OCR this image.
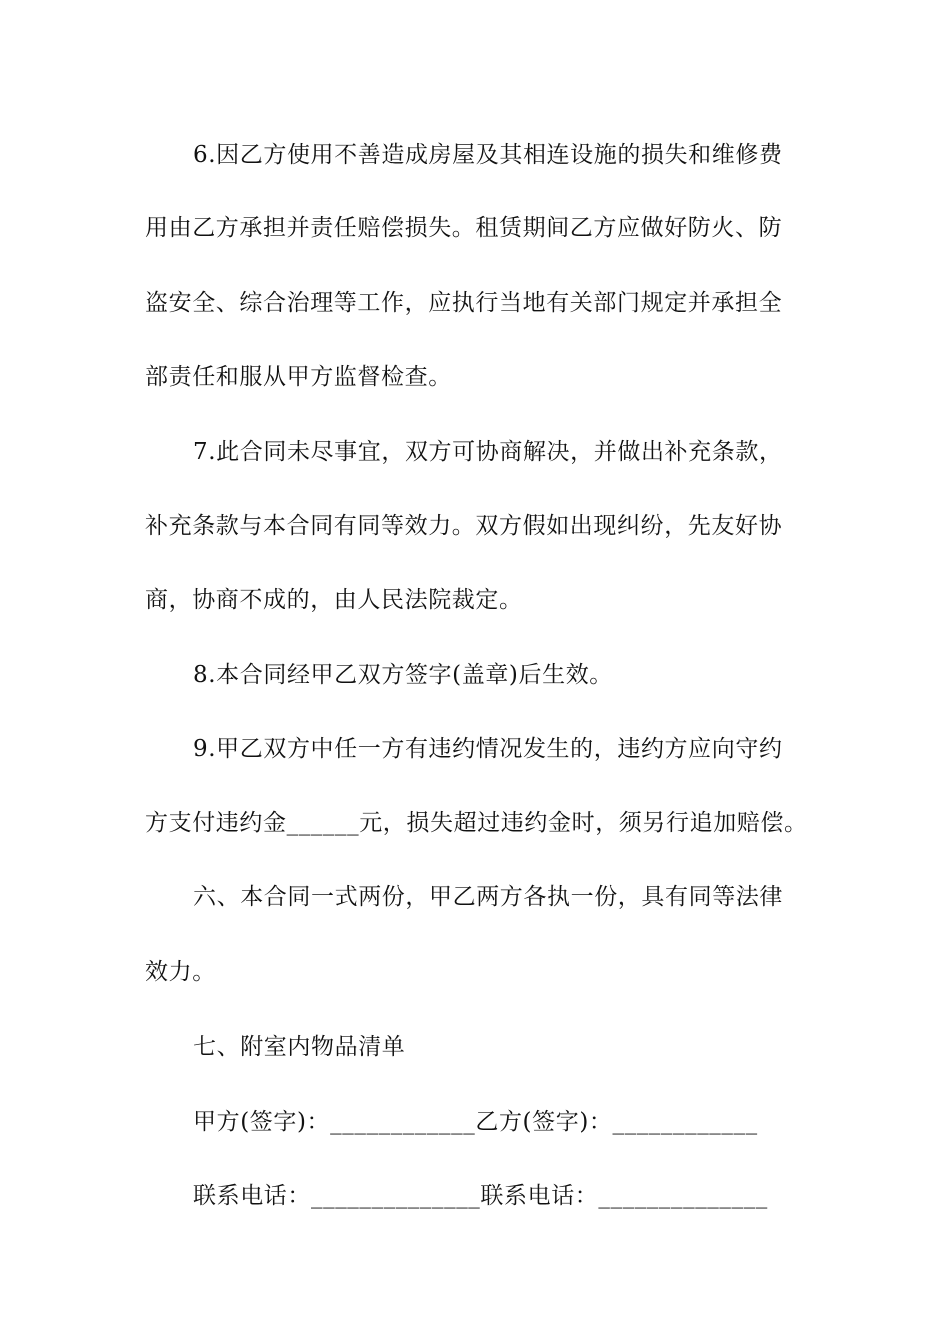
6.因乙方使用不善造成房屋及其相连设施的损失和维修费
用由乙方承担并责任赔偿损失。租赁期间乙方应做好防火、防
盗安全、综合治理等工作，应执行当地有关部门规定并承担全
部责任和服从甲方监督检查。
7.此合同未尽事宜，双方可协商解决，并做出补充条款，
补充条款与本合同有同等效力。双方假如出现纠纷，先友好协
商，协商不成的，由人民法院裁定。
8.本合同经甲乙双方签字(盖章)后生效。
9.甲乙双方中任一方有违约情况发生的，违约方应向守约
方支付违约金______元，损失超过违约金时，须另行追加赔偿。
六、本合同一式两份，甲乙两方各执一份，具有同等法律
效力。
七、附室内物品清单
甲方(签字)：____________乙方(签字)：____________
联系电话：______________联系电话：______________
